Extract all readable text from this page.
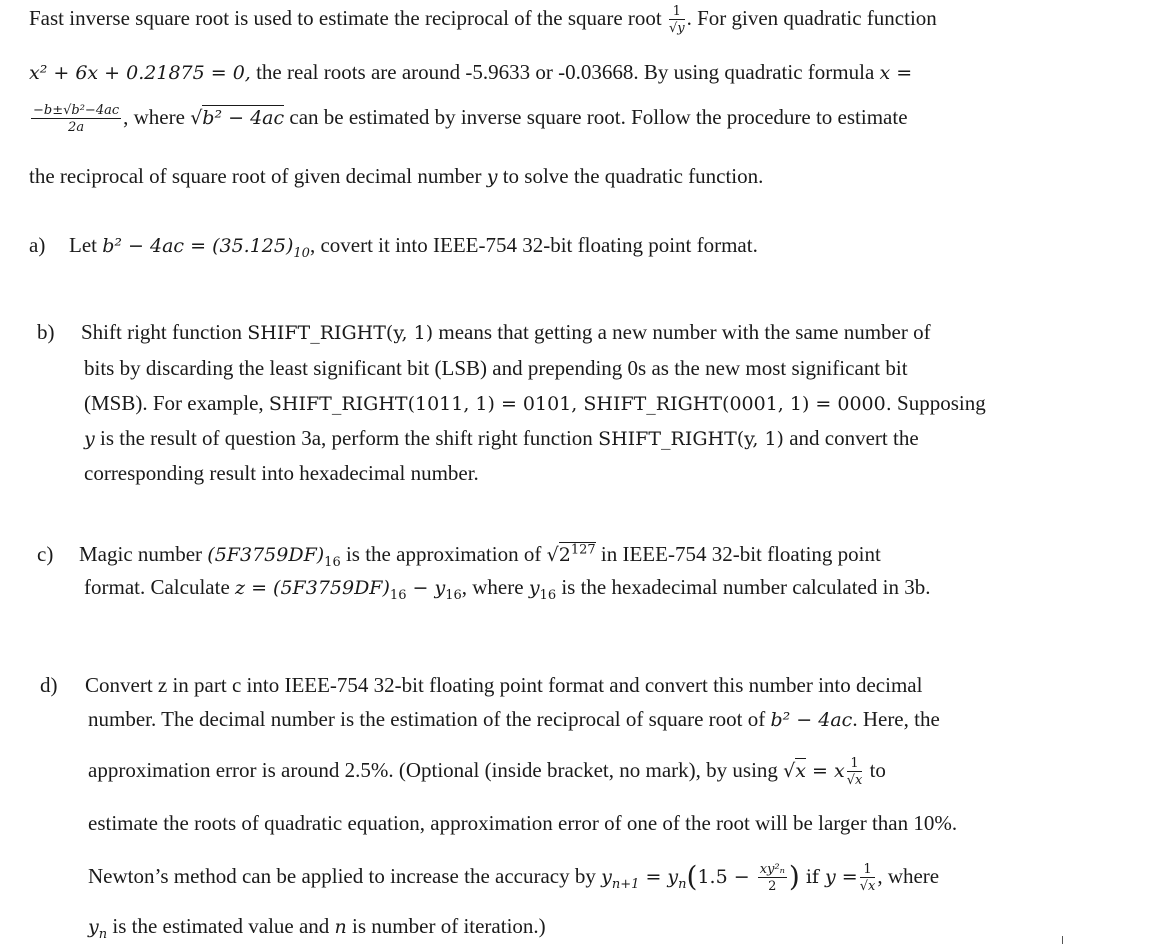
Fast inverse square root is used to estimate the reciprocal of the square root $\frac{1}{√y}$ . For given quadratic function
x² + 6x + 0.21875 = 0, the real roots are around -5.9633 or -0.03668. By using quadratic formula x =
$\frac{\text{−b±√b²−4ac}}{2a}$ , where √b² − 4ac can be estimated by inverse square root. Follow the procedure to estimate
the reciprocal of square root of given decimal number y to solve the quadratic function.
a) Let $b^2 - 4ac = (35.125)_{10}$, covert it into IEEE-754 32-bit floating point format.
b) Shift right function SHIFT_RIGHT(y, 1) means that getting a new number with the same number of
bits by discarding the least significant bit (LSB) and prepending 0s as the new most significant bit
(MSB). For example, SHIFT_RIGHT(1011, 1) = 0101, SHIFT_RIGHT(0001, 1) = 0000. Supposing
y is the result of question 3a, perform the shift right function SHIFT_RIGHT(y, 1) and convert the
corresponding result into hexadecimal number.
c) Magic number $(5F3759DF)_{16}$ is the approximation of $√2^{127}$ in IEEE-754 32-bit floating point
format. Calculate $z = (5F3759DF)_{16} - y_{16}$, where $y_{16}$ is the hexadecimal number calculated in 3b.
d) Convert z in part c into IEEE-754 32-bit floating point format and convert this number into decimal
number. The decimal number is the estimation of the reciprocal of square root of b² − 4ac. Here, the
approximation error is around 2.5%. (Optional (inside bracket, no mark), by using √x = x $\frac{1}{√x}$ to
estimate the roots of quadratic equation, approximation error of one of the root will be larger than 10%.
Newton’s method can be applied to increase the accuracy by $y_{n+1} = y_n(1.5 - \frac{\text{xy²ₙ}}{2}$ ) if $y = \frac{1}{√x}$ , where
$y_n$ is the estimated value and n is number of iteration.)
